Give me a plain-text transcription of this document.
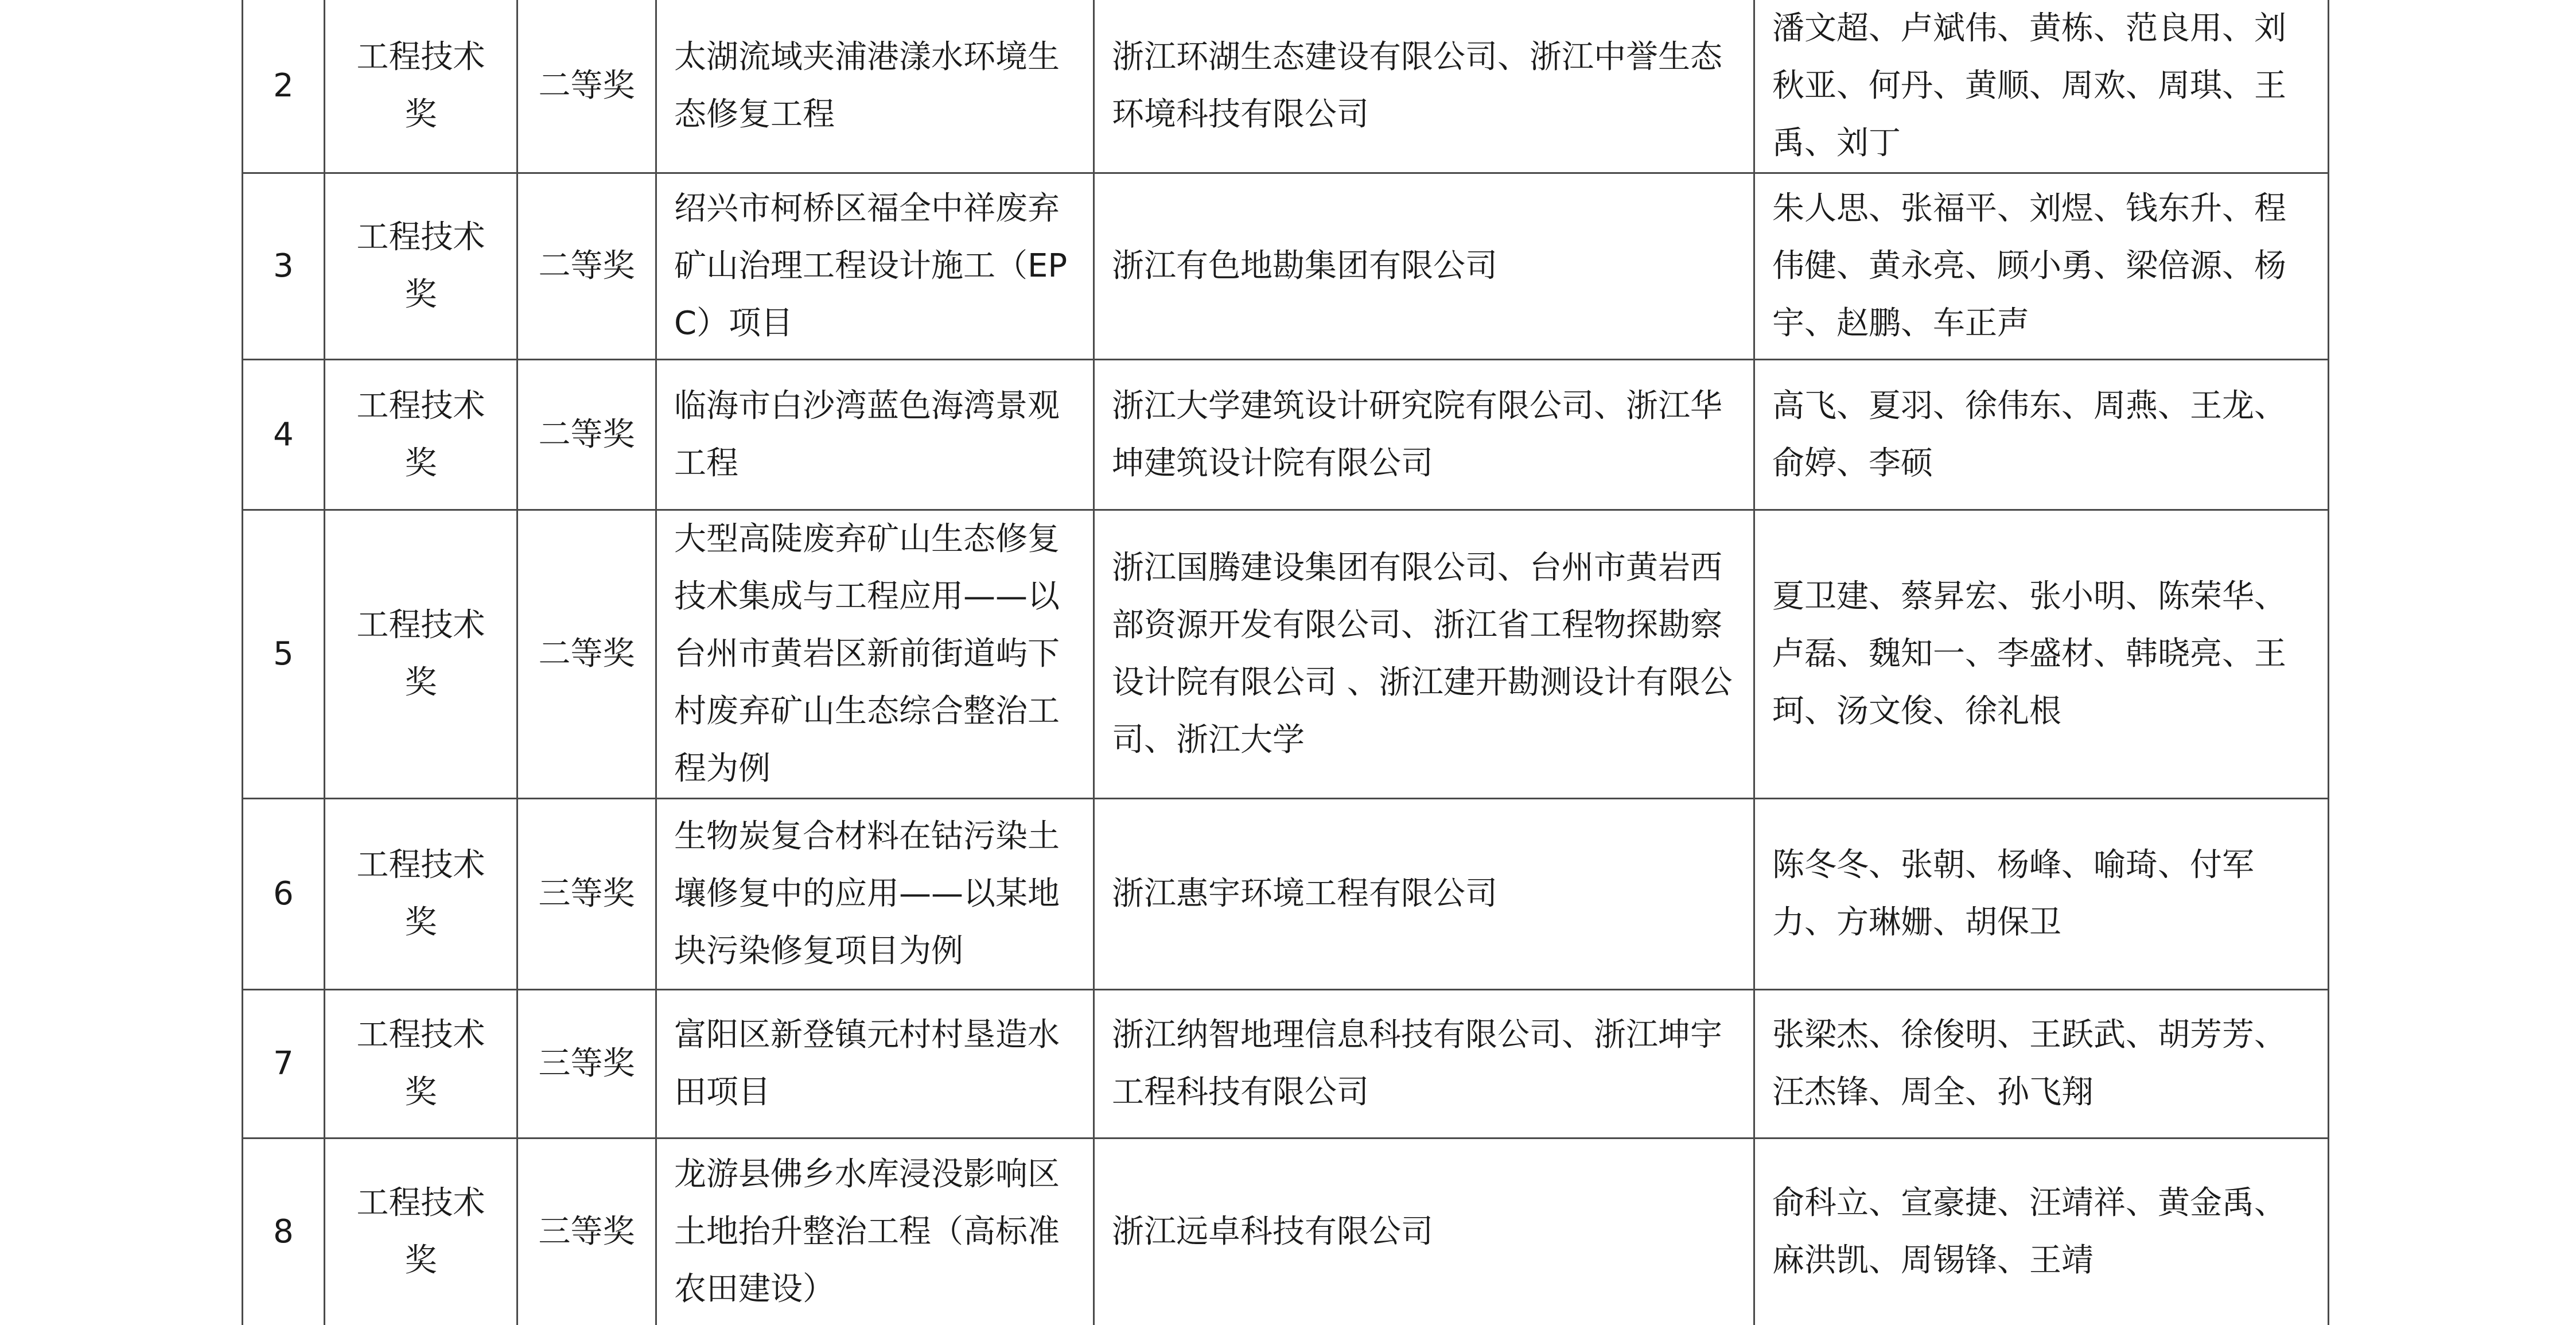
2	工程技术奖	二等奖	太湖流域夹浦港漾水环境生态修复工程	浙江环湖生态建设有限公司、浙江中誉生态环境科技有限公司	潘文超、卢斌伟、黄栋、范良用、刘秋亚、何丹、黄顺、周欢、周琪、王禹、刘丁
3	工程技术奖	二等奖	绍兴市柯桥区福全中祥废弃矿山治理工程设计施工（EPC）项目	浙江有色地勘集团有限公司	朱人思、张福平、刘煜、钱东升、程伟健、黄永亮、顾小勇、梁倍源、杨宇、赵鹏、车正声
4	工程技术奖	二等奖	临海市白沙湾蓝色海湾景观工程	浙江大学建筑设计研究院有限公司、浙江华坤建筑设计院有限公司	高飞、夏羽、徐伟东、周燕、王龙、俞婷、李硕
5	工程技术奖	二等奖	大型高陡废弃矿山生态修复技术集成与工程应用——以台州市黄岩区新前街道屿下村废弃矿山生态综合整治工程为例	浙江国腾建设集团有限公司、台州市黄岩西部资源开发有限公司、浙江省工程物探勘察设计院有限公司 、浙江建开勘测设计有限公司、浙江大学	夏卫建、蔡昇宏、张小明、陈荣华、卢磊、魏知一、李盛材、韩晓亮、王珂、汤文俊、徐礼根
6	工程技术奖	三等奖	生物炭复合材料在钴污染土壤修复中的应用——以某地块污染修复项目为例	浙江惠宇环境工程有限公司	陈冬冬、张朝、杨峰、喻琦、付军力、方琳姗、胡保卫
7	工程技术奖	三等奖	富阳区新登镇元村村垦造水田项目	浙江纳智地理信息科技有限公司、浙江坤宇工程科技有限公司	张梁杰、徐俊明、王跃武、胡芳芳、汪杰锋、周全、孙飞翔
8	工程技术奖	三等奖	龙游县佛乡水库浸没影响区土地抬升整治工程（高标准农田建设）	浙江远卓科技有限公司	俞科立、宣豪捷、汪靖祥、黄金禹、麻洪凯、周锡锋、王靖
